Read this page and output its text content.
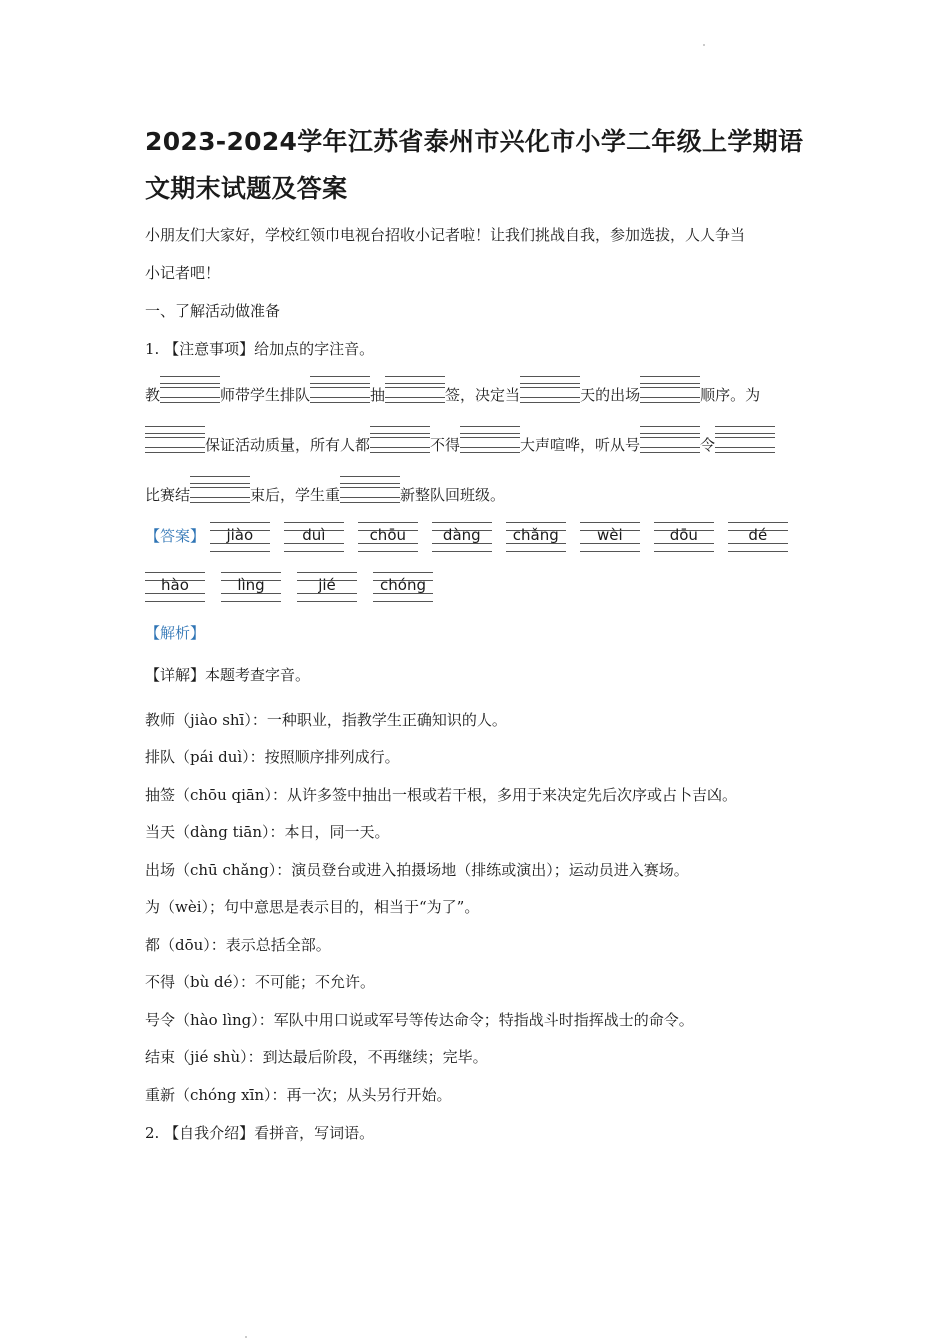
2023-2024学年江苏省泰州市兴化市小学二年级上学期语文期末试题及答案
小朋友们大家好，学校红领巾电视台招收小记者啦！让我们挑战自我，参加选拔，人人争当
小记者吧！
一、了解活动做准备
1. 【注意事项】给加点的字注音。
教	师带学生排队	抽	签，决定当	天的出场	顺序。为
保证活动质量，所有人都	不得	大声喧哗，听从号	令
比赛结	束后，学生重	新整队回班级。
【答案】	jiào	duì	chōu	dàng	chǎng	wèi	dōu	dé
hào	lìng	jié	chóng
【解析】
【详解】本题考查字音。
教师（jiào shī）：一种职业，指教学生正确知识的人。
排队（pái duì）：按照顺序排列成行。
抽签（chōu qiān）：从许多签中抽出一根或若干根，多用于来决定先后次序或占卜吉凶。
当天（dàng tiān）：本日，同一天。
出场（chū chǎng）：演员登台或进入拍摄场地（排练或演出）；运动员进入赛场。
为（wèi）；句中意思是表示目的，相当于“为了”。
都（dōu）：表示总括全部。
不得（bù dé）：不可能；不允许。
号令（hào lìng）：军队中用口说或军号等传达命令；特指战斗时指挥战士的命令。
结束（jié shù）：到达最后阶段，不再继续；完毕。
重新（chóng xīn）：再一次；从头另行开始。
2. 【自我介绍】看拼音，写词语。
